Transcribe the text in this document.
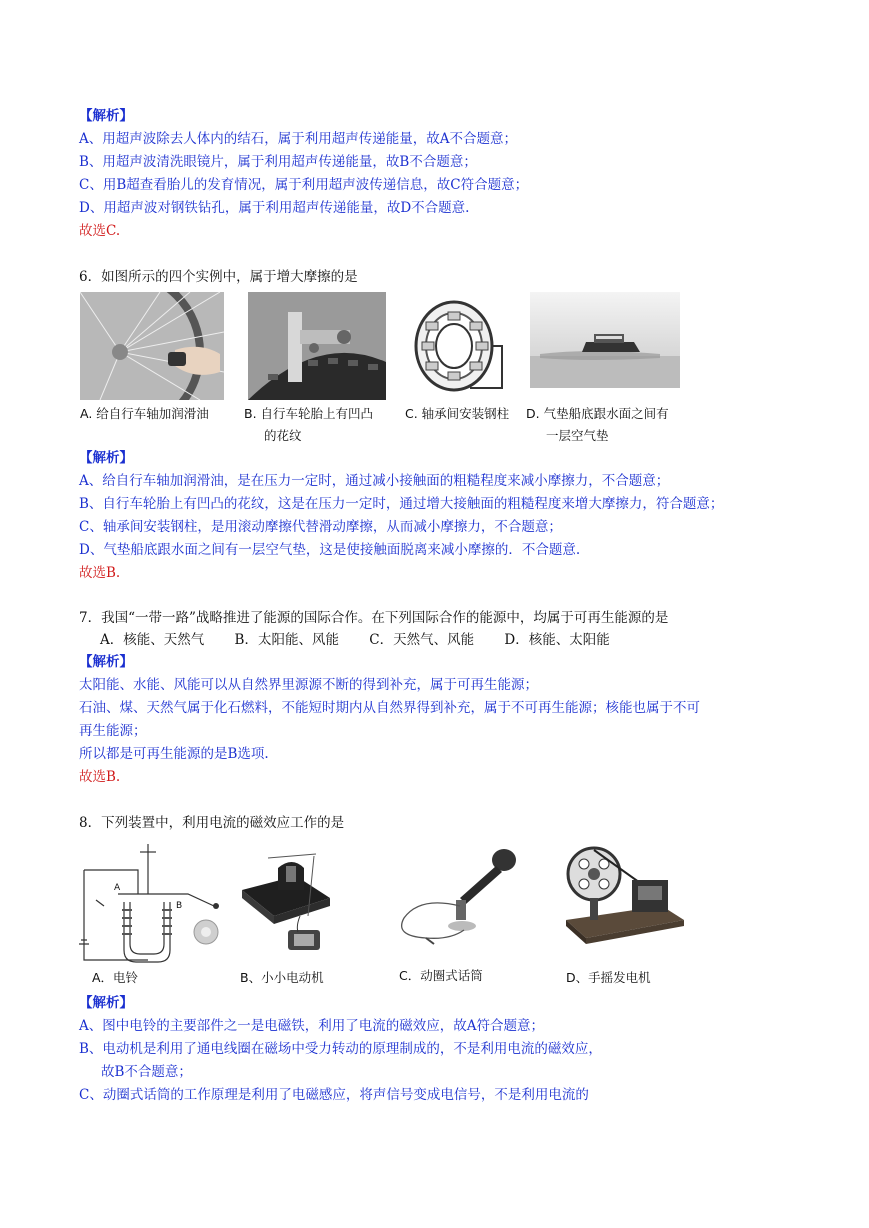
【解析】
A、用超声波除去人体内的结石，属于利用超声传递能量，故A不合题意；
B、用超声波清洗眼镜片，属于利用超声传递能量，故B不合题意；
C、用B超查看胎儿的发育情况，属于利用超声波传递信息，故C符合题意；
D、用超声波对钢铁钻孔，属于利用超声传递能量，故D不合题意.
故选C.
6．如图所示的四个实例中，属于增大摩擦的是
A. 给自行车轴加润滑油	B. 自行车轮胎上有凹凸
的花纹
C. 轴承间安装钢柱 D. 气垫船底跟水面之间有
一层空气垫
【解析】
A、给自行车轴加润滑油，是在压力一定时，通过减小接触面的粗糙程度来减小摩擦力，不合题意；
B、自行车轮胎上有凹凸的花纹，这是在压力一定时，通过增大接触面的粗糙程度来增大摩擦力，符合题意；
C、轴承间安装钢柱，是用滚动摩擦代替滑动摩擦，从而减小摩擦力，不合题意；
D、气垫船底跟水面之间有一层空气垫，这是使接触面脱离来减小摩擦的．不合题意.
故选B.
7．我国“一带一路”战略推进了能源的国际合作。在下列国际合作的能源中，均属于可再生能源的是
A．核能、天然气 B．太阳能、风能 C．天然气、风能 D．核能、太阳能
【解析】
太阳能、水能、风能可以从自然界里源源不断的得到补充，属于可再生能源；
石油、煤、天然气属于化石燃料，不能短时期内从自然界得到补充，属于不可再生能源；核能也属于不可
再生能源；
所以都是可再生能源的是B选项.
故选B.
8．下列装置中，利用电流的磁效应工作的是
A
B
A．电铃	B、小小电动机	C．动圈式话筒	D、手摇发电机
【解析】
A、图中电铃的主要部件之一是电磁铁，利用了电流的磁效应，故A符合题意；
B、电动机是利用了通电线圈在磁场中受力转动的原理制成的，不是利用电流的磁效应，
故B不合题意；
C、动圈式话筒的工作原理是利用了电磁感应，将声信号变成电信号，不是利用电流的
